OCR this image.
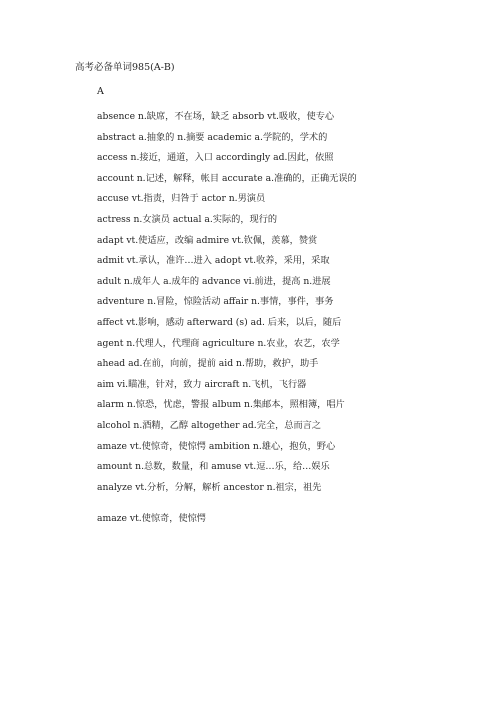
高考必备单词985(A-B)
A
absence n.缺席，不在场，缺乏 absorb vt.吸收，使专心
abstract a.抽象的 n.摘要 academic a.学院的，学术的
access n.接近，通道，入口 accordingly ad.因此，依照
account n.记述，解释，帐目 accurate a.准确的，正确无误的
accuse vt.指责，归咎于 actor n.男演员
actress n.女演员 actual a.实际的，现行的
adapt vt.使适应，改编 admire vt.钦佩，羡慕，赞赏
admit vt.承认，准许…进入 adopt vt.收养，采用，采取
adult n.成年人 a.成年的 advance vi.前进，提高 n.进展
adventure n.冒险，惊险活动 affair n.事情，事件，事务
affect vt.影响，感动 afterward (s) ad. 后来，以后，随后
agent n.代理人，代理商 agriculture n.农业，农艺，农学
ahead ad.在前，向前，提前 aid n.帮助，救护，助手
aim vi.瞄准，针对，致力 aircraft n.飞机，飞行器
alarm n.惊恐，忧虑，警报 album n.集邮本，照相簿，唱片
alcohol n.酒精，乙醇 altogether ad.完全，总而言之
amaze vt.使惊奇，使惊愕 ambition n.雄心，抱负，野心
amount n.总数，数量，和 amuse vt.逗…乐，给…娱乐
analyze vt.分析，分解，解析 ancestor n.祖宗，祖先
amaze vt.使惊奇，使惊愕
